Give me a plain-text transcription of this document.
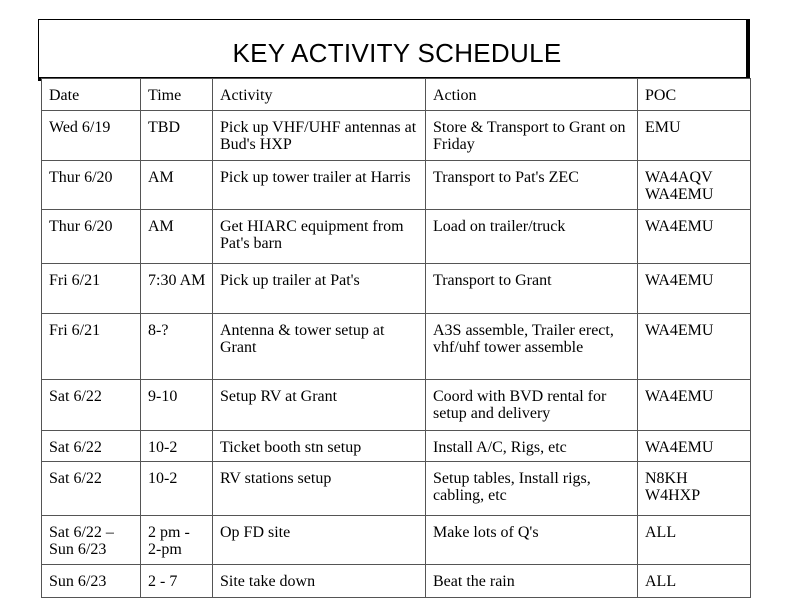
KEY ACTIVITY SCHEDULE
Date	Time	Activity	Action	POC
Wed 6/19	TBD	Pick up VHF/UHF antennas at Bud's HXP	Store & Transport to Grant on Friday	EMU
Thur 6/20	AM	Pick up tower trailer at Harris	Transport to Pat's ZEC	WA4AQV WA4EMU
Thur 6/20	AM	Get HIARC equipment from Pat's barn	Load on trailer/truck	WA4EMU
Fri 6/21	7:30 AM	Pick up trailer at Pat's	Transport to Grant	WA4EMU
Fri 6/21	8-?	Antenna & tower setup at Grant	A3S assemble, Trailer erect, vhf/uhf tower assemble	WA4EMU
Sat 6/22	9-10	Setup RV at Grant	Coord with BVD rental for setup and delivery	WA4EMU
Sat 6/22	10-2	Ticket booth stn setup	Install A/C, Rigs, etc	WA4EMU
Sat 6/22	10-2	RV stations setup	Setup tables, Install rigs, cabling, etc	N8KH W4HXP
Sat 6/22 – Sun 6/23	2 pm - 2-pm	Op FD site	Make lots of Q's	ALL
Sun 6/23	2 - 7	Site take down	Beat the rain	ALL
